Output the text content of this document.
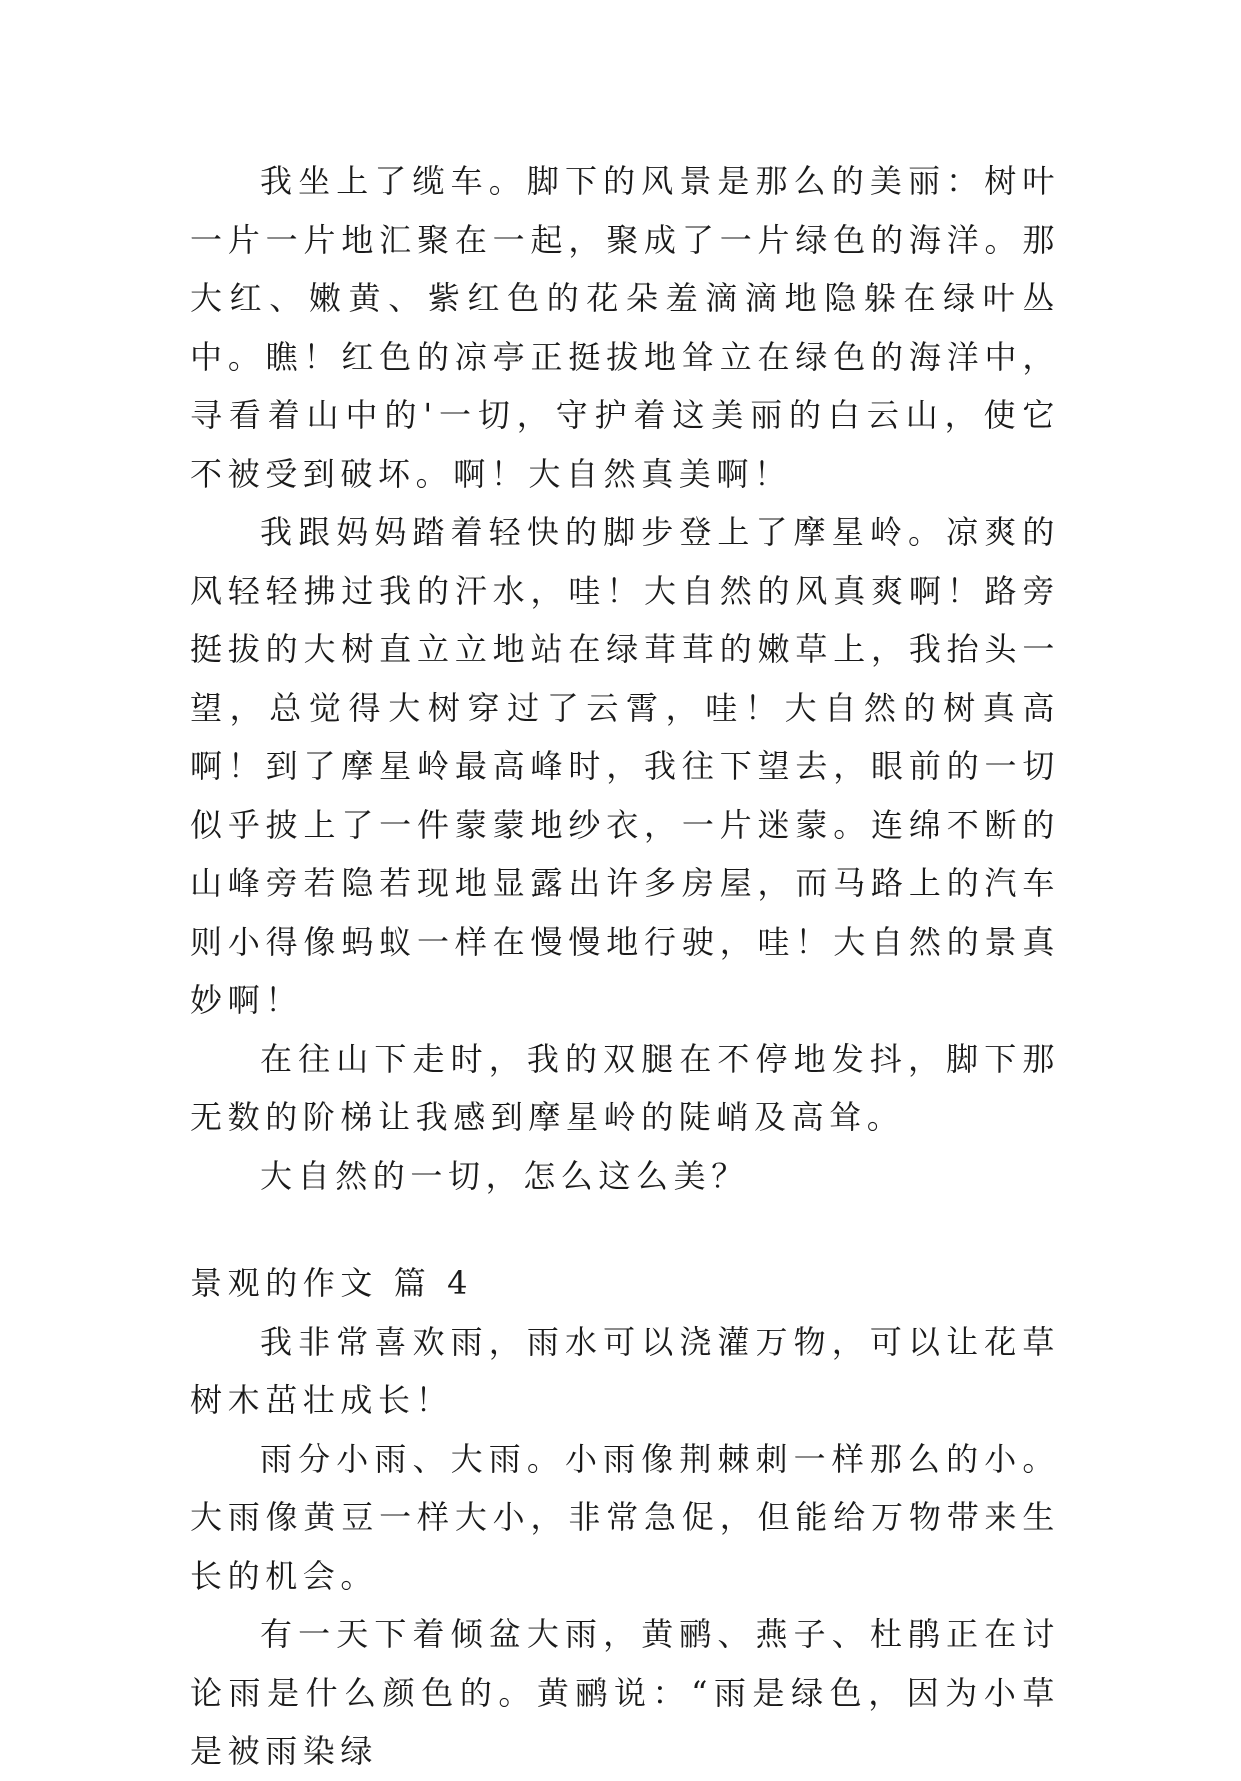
我坐上了缆车。脚下的风景是那么的美丽：树叶一片一片地汇聚在一起，聚成了一片绿色的海洋。那大红、嫩黄、紫红色的花朵羞滴滴地隐躲在绿叶丛中。瞧！红色的凉亭正挺拔地耸立在绿色的海洋中，寻看着山中的'一切，守护着这美丽的白云山，使它不被受到破坏。啊！大自然真美啊！

我跟妈妈踏着轻快的脚步登上了摩星岭。凉爽的风轻轻拂过我的汗水，哇！大自然的风真爽啊！路旁挺拔的大树直立立地站在绿茸茸的嫩草上，我抬头一望，总觉得大树穿过了云霄，哇！大自然的树真高啊！到了摩星岭最高峰时，我往下望去，眼前的一切似乎披上了一件蒙蒙地纱衣，一片迷蒙。连绵不断的山峰旁若隐若现地显露出许多房屋，而马路上的汽车则小得像蚂蚁一样在慢慢地行驶，哇！大自然的景真妙啊！

在往山下走时，我的双腿在不停地发抖，脚下那无数的阶梯让我感到摩星岭的陡峭及高耸。

大自然的一切，怎么这么美？

景观的作文 篇 4

我非常喜欢雨，雨水可以浇灌万物，可以让花草树木茁壮成长！

雨分小雨、大雨。小雨像荆棘刺一样那么的小。大雨像黄豆一样大小，非常急促，但能给万物带来生长的机会。

有一天下着倾盆大雨，黄鹂、燕子、杜鹃正在讨论雨是什么颜色的。黄鹂说：“雨是绿色，因为小草是被雨染绿
